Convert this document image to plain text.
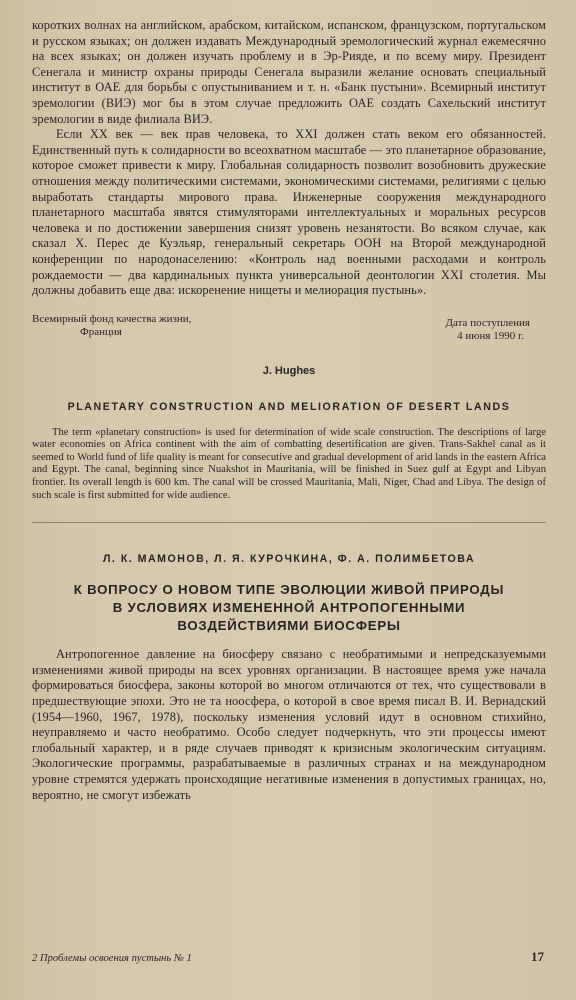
коротких волнах на английском, арабском, китайском, испанском, французском, португальском и русском языках; он должен издавать Международный эремологический журнал ежемесячно на всех языках; он должен изучать проблему и в Эр-Рияде, и по всему миру. Президент Сенегала и министр охраны природы Сенегала выразили желание основать специальный институт в ОАЕ для борьбы с опустыниванием и т. н. «Банк пустыни». Всемирный институт эремологии (ВИЭ) мог бы в этом случае предложить ОАЕ создать Сахельский институт эремологии в виде филиала ВИЭ.

Если XX век — век прав человека, то XXI должен стать веком его обязанностей. Единственный путь к солидарности во всеохватном масштабе — это планетарное образование, которое сможет привести к миру. Глобальная солидарность позволит возобновить дружеские отношения между политическими системами, экономическими системами, религиями с целью выработать стандарты мирового права. Инженерные сооружения международного планетарного масштаба явятся стимуляторами интеллектуальных и моральных ресурсов человека и по достижении завершения снизят уровень незанятости. Во всяком случае, как сказал Х. Перес де Куэльяр, генеральный секретарь ООН на Второй международной конференции по народонаселению: «Контроль над военными расходами и контроль рождаемости — два кардинальных пункта универсальной деонтологии XXI столетия. Мы должны добавить еще два: искоренение нищеты и мелиорация пустынь».

Всемирный фонд качества жизни,
Франция
Дата поступления
4 июня 1990 г.
J. Hughes
PLANETARY CONSTRUCTION AND MELIORATION OF DESERT LANDS

The term «planetary construction» is used for determination of wide scale construction. The descriptions of large water economies on Africa continent with the aim of combatting desertification are given. Trans-Sakhel canal as it seemed to World fund of life quality is meant for consecutive and gradual development of arid lands in the eastern Africa and Egypt. The canal, beginning since Nuakshot in Mauritania, will be finished in Suez gulf at Egypt and Libyan frontier. Its overall length is 600 km. The canal will be crossed Mauritania, Mali, Niger, Chad and Libya. The design of such scale is first submitted for wide audience.

Л. К. МАМОНОВ, Л. Я. КУРОЧКИНА, Ф. А. ПОЛИМБЕТОВА
К ВОПРОСУ О НОВОМ ТИПЕ ЭВОЛЮЦИИ ЖИВОЙ ПРИРОДЫ
В УСЛОВИЯХ ИЗМЕНЕННОЙ АНТРОПОГЕННЫМИ
ВОЗДЕЙСТВИЯМИ БИОСФЕРЫ

Антропогенное давление на биосферу связано с необратимыми и непредсказуемыми изменениями живой природы на всех уровнях организации. В настоящее время уже начала формироваться биосфера, законы которой во многом отличаются от тех, что существовали в предшествующие эпохи. Это не та ноосфера, о которой в свое время писал В. И. Вернадский (1954—1960, 1967, 1978), поскольку изменения условий идут в основном стихийно, неуправляемо и часто необратимо. Особо следует подчеркнуть, что эти процессы имеют глобальный характер, и в ряде случаев приводят к кризисным экологическим ситуациям. Экологические программы, разрабатываемые в различных странах и на международном уровне стремятся удержать происходящие негативные изменения в допустимых границах, но, вероятно, не смогут избежать

2 Проблемы освоения пустынь № 1	17
